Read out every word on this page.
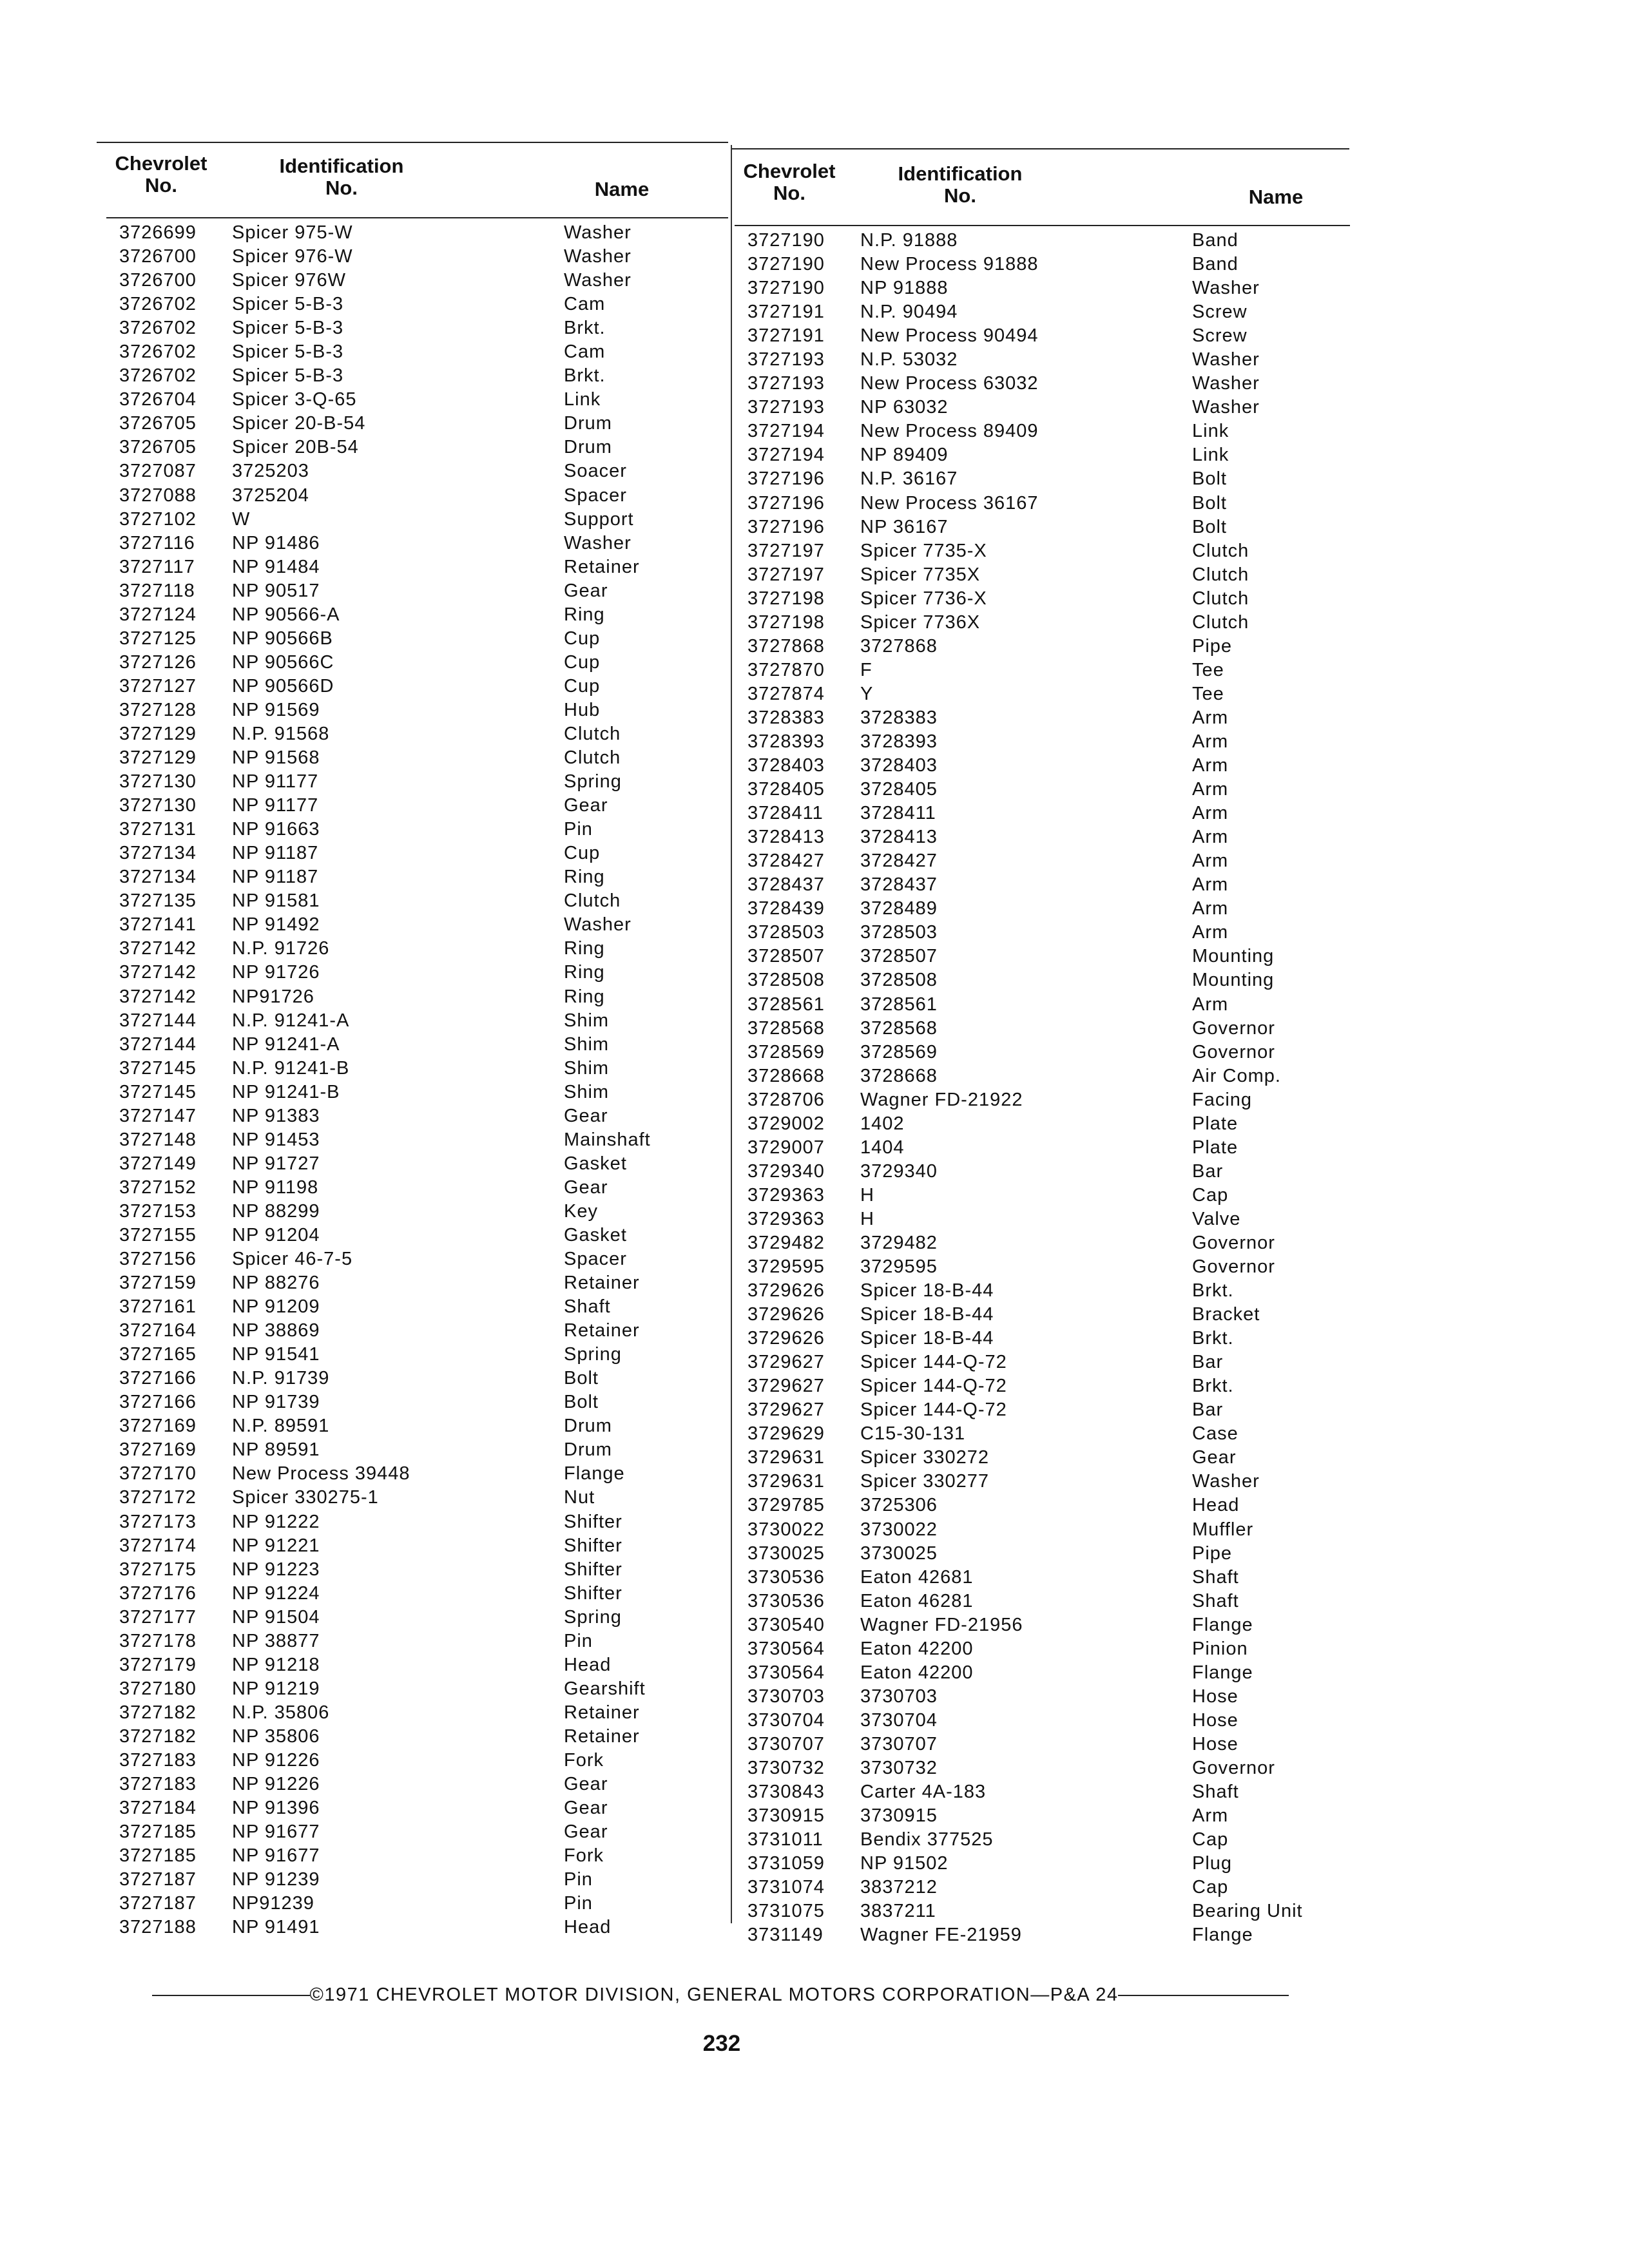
Chevrolet
No.
Identification
No.	Name
3726699 Spicer 975-W	Washer
3726700 Spicer 976-W	Washer
3726700 Spicer 976W	Washer
3726702 Spicer 5-B-3	Cam
3726702 Spicer 5-B-3	Brkt.
3726702 Spicer 5-B-3	Cam
3726702 Spicer 5-B-3	Brkt.
3726704 Spicer 3-Q-65	Link
3726705 Spicer 20-B-54	Drum
3726705 Spicer 20B-54	Drum
3727087 3725203	Soacer
3727088 3725204	Spacer
3727102 W	Support
3727116 NP 91486	Washer
3727117 NP 91484	Retainer
3727118 NP 90517	Gear
3727124 NP 90566-A	Ring
3727125 NP 90566B	Cup
3727126 NP 90566C	Cup
3727127 NP 90566D	Cup
3727128 NP 91569	Hub
3727129 N.P. 91568	Clutch
3727129 NP 91568	Clutch
3727130 NP 91177	Spring
3727130 NP 91177	Gear
3727131 NP 91663	Pin
3727134 NP 91187	Cup
3727134 NP 91187	Ring
3727135 NP 91581	Clutch
3727141 NP 91492	Washer
3727142 N.P. 91726	Ring
3727142 NP 91726	Ring
3727142 NP91726	Ring
3727144 N.P. 91241-A	Shim
3727144 NP 91241-A	Shim
3727145 N.P. 91241-B	Shim
3727145 NP 91241-B	Shim
3727147 NP 91383	Gear
3727148 NP 91453	Mainshaft
3727149 NP 91727	Gasket
3727152 NP 91198	Gear
3727153 NP 88299	Key
3727155 NP 91204	Gasket
3727156 Spicer 46-7-5	Spacer
3727159 NP 88276	Retainer
3727161 NP 91209	Shaft
3727164 NP 38869	Retainer
3727165 NP 91541	Spring
3727166 N.P. 91739	Bolt
3727166 NP 91739	Bolt
3727169 N.P. 89591	Drum
3727169 NP 89591	Drum
3727170 New Process 39448	Flange
3727172 Spicer 330275-1	Nut
3727173 NP 91222	Shifter
3727174 NP 91221	Shifter
3727175 NP 91223	Shifter
3727176 NP 91224	Shifter
3727177 NP 91504	Spring
3727178 NP 38877	Pin
3727179 NP 91218	Head
3727180 NP 91219	Gearshift
3727182 N.P. 35806	Retainer
3727182 NP 35806	Retainer
3727183 NP 91226	Fork
3727183 NP 91226	Gear
3727184 NP 91396	Gear
3727185 NP 91677	Gear
3727185 NP 91677	Fork
3727187 NP 91239	Pin
3727187 NP91239	Pin
3727188 NP 91491	Head
Chevrolet
No.
Identification
No.	Name
3727190 N.P. 91888	Band
3727190 New Process 91888	Band
3727190 NP 91888	Washer
3727191 N.P. 90494	Screw
3727191 New Process 90494	Screw
3727193 N.P. 53032	Washer
3727193 New Process 63032	Washer
3727193 NP 63032	Washer
3727194 New Process 89409	Link
3727194 NP 89409	Link
3727196 N.P. 36167	Bolt
3727196 New Process 36167	Bolt
3727196 NP 36167	Bolt
3727197 Spicer 7735-X	Clutch
3727197 Spicer 7735X	Clutch
3727198 Spicer 7736-X	Clutch
3727198 Spicer 7736X	Clutch
3727868 3727868	Pipe
3727870 F	Tee
3727874 Y	Tee
3728383 3728383	Arm
3728393 3728393	Arm
3728403 3728403	Arm
3728405 3728405	Arm
3728411 3728411	Arm
3728413 3728413	Arm
3728427 3728427	Arm
3728437 3728437	Arm
3728439 3728489	Arm
3728503 3728503	Arm
3728507 3728507	Mounting
3728508 3728508	Mounting
3728561 3728561	Arm
3728568 3728568	Governor
3728569 3728569	Governor
3728668 3728668	Air Comp.
3728706 Wagner FD-21922	Facing
3729002 1402	Plate
3729007 1404	Plate
3729340 3729340	Bar
3729363 H	Cap
3729363 H	Valve
3729482 3729482	Governor
3729595 3729595	Governor
3729626 Spicer 18-B-44	Brkt.
3729626 Spicer 18-B-44	Bracket
3729626 Spicer 18-B-44	Brkt.
3729627 Spicer 144-Q-72	Bar
3729627 Spicer 144-Q-72	Brkt.
3729627 Spicer 144-Q-72	Bar
3729629 C15-30-131	Case
3729631 Spicer 330272	Gear
3729631 Spicer 330277	Washer
3729785 3725306	Head
3730022 3730022	Muffler
3730025 3730025	Pipe
3730536 Eaton 42681	Shaft
3730536 Eaton 46281	Shaft
3730540 Wagner FD-21956	Flange
3730564 Eaton 42200	Pinion
3730564 Eaton 42200	Flange
3730703 3730703	Hose
3730704 3730704	Hose
3730707 3730707	Hose
3730732 3730732	Governor
3730843 Carter 4A-183	Shaft
3730915 3730915	Arm
3731011 Bendix 377525	Cap
3731059 NP 91502	Plug
3731074 3837212	Cap
3731075 3837211	Bearing Unit
3731149 Wagner FE-21959	Flange
©1971 CHEVROLET MOTOR DIVISION, GENERAL MOTORS CORPORATION—P&A 24
232
